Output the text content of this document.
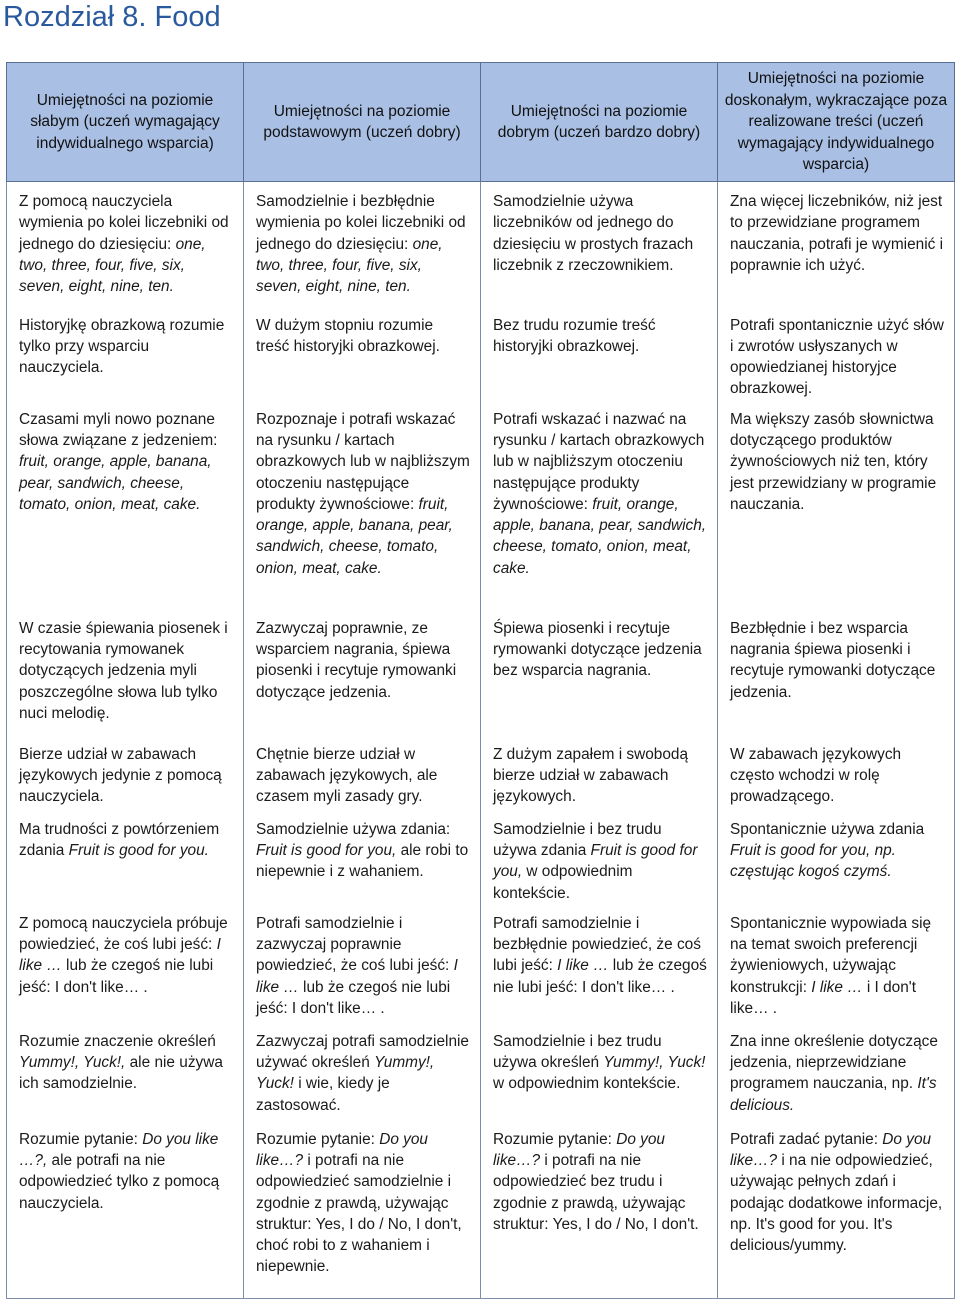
Rozdział 8. Food
Umiejętności na poziomie słabym (uczeń wymagający indywidualnego wsparcia)	Umiejętności na poziomie podstawowym (uczeń dobry)	Umiejętności na poziomie dobrym (uczeń bardzo dobry)	Umiejętności na poziomie doskonałym, wykraczające poza realizowane treści (uczeń wymagający indywidualnego wsparcia)

Z pomocą nauczyciela wymienia po kolei liczebniki od jednego do dziesięciu: one, two, three, four, five, six, seven, eight, nine, ten.	Samodzielnie i bezbłędnie wymienia po kolei liczebniki od jednego do dziesięciu: one, two, three, four, five, six, seven, eight, nine, ten.	Samodzielnie używa liczebników od jednego do dziesięciu w prostych frazach liczebnik z rzeczownikiem.	Zna więcej liczebników, niż jest to przewidziane programem nauczania, potrafi je wymienić i poprawnie ich użyć.

Historyjkę obrazkową rozumie tylko przy wsparciu nauczyciela.	W dużym stopniu rozumie treść historyjki obrazkowej.	Bez trudu rozumie treść historyjki obrazkowej.	Potrafi spontanicznie użyć słów i zwrotów usłyszanych w opowiedzianej historyjce obrazkowej.

Czasami myli nowo poznane słowa związane z jedzeniem: fruit, orange, apple, banana, pear, sandwich, cheese, tomato, onion, meat, cake.	Rozpoznaje i potrafi wskazać na rysunku / kartach obrazkowych lub w najbliższym otoczeniu następujące produkty żywnościowe: fruit, orange, apple, banana, pear, sandwich, cheese, tomato, onion, meat, cake.	Potrafi wskazać i nazwać na rysunku / kartach obrazkowych lub w najbliższym otoczeniu następujące produkty żywnościowe: fruit, orange, apple, banana, pear, sandwich, cheese, tomato, onion, meat, cake.	Ma większy zasób słownictwa dotyczącego produktów żywnościowych niż ten, który jest przewidziany w programie nauczania.

W czasie śpiewania piosenek i recytowania rymowanek dotyczących jedzenia myli poszczególne słowa lub tylko nuci melodię.	Zazwyczaj poprawnie, ze wsparciem nagrania, śpiewa piosenki i recytuje rymowanki dotyczące jedzenia.	Śpiewa piosenki i recytuje rymowanki dotyczące jedzenia bez wsparcia nagrania.	Bezbłędnie i bez wsparcia nagrania śpiewa piosenki i recytuje rymowanki dotyczące jedzenia.

Bierze udział w zabawach językowych jedynie z pomocą nauczyciela.	Chętnie bierze udział w zabawach językowych, ale czasem myli zasady gry.	Z dużym zapałem i swobodą bierze udział w zabawach językowych.	W zabawach językowych często wchodzi w rolę prowadzącego.

Ma trudności z powtórzeniem zdania Fruit is good for you.	Samodzielnie używa zdania: Fruit is good for you, ale robi to niepewnie i z wahaniem.	Samodzielnie i bez trudu używa zdania Fruit is good for you, w odpowiednim kontekście.	Spontanicznie używa zdania Fruit is good for you, np. częstując kogoś czymś.

Z pomocą nauczyciela próbuje powiedzieć, że coś lubi jeść: I like … lub że czegoś nie lubi jeść: I don't like… .	Potrafi samodzielnie i zazwyczaj poprawnie powiedzieć, że coś lubi jeść: I like … lub że czegoś nie lubi jeść: I don't like… .	Potrafi samodzielnie i bezbłędnie powiedzieć, że coś lubi jeść: I like … lub że czegoś nie lubi jeść: I don't like… .	Spontanicznie wypowiada się na temat swoich preferencji żywieniowych, używając konstrukcji: I like … i I don't like… .

Rozumie znaczenie określeń Yummy!, Yuck!, ale nie używa ich samodzielnie.	Zazwyczaj potrafi samodzielnie używać określeń Yummy!, Yuck! i wie, kiedy je zastosować.	Samodzielnie i bez trudu używa określeń Yummy!, Yuck! w odpowiednim kontekście.	Zna inne określenie dotyczące jedzenia, nieprzewidziane programem nauczania, np. It's delicious.

Rozumie pytanie: Do you like …?, ale potrafi na nie odpowiedzieć tylko z pomocą nauczyciela.	Rozumie pytanie: Do you like…? i potrafi na nie odpowiedzieć samodzielnie i zgodnie z prawdą, używając struktur: Yes, I do / No, I don't, choć robi to z wahaniem i niepewnie.	Rozumie pytanie: Do you like…? i potrafi na nie odpowiedzieć bez trudu i zgodnie z prawdą, używając struktur: Yes, I do / No, I don't.	Potrafi zadać pytanie: Do you like…? i na nie odpowiedzieć, używając pełnych zdań i podając dodatkowe informacje, np. It's good for you. It's delicious/yummy.
